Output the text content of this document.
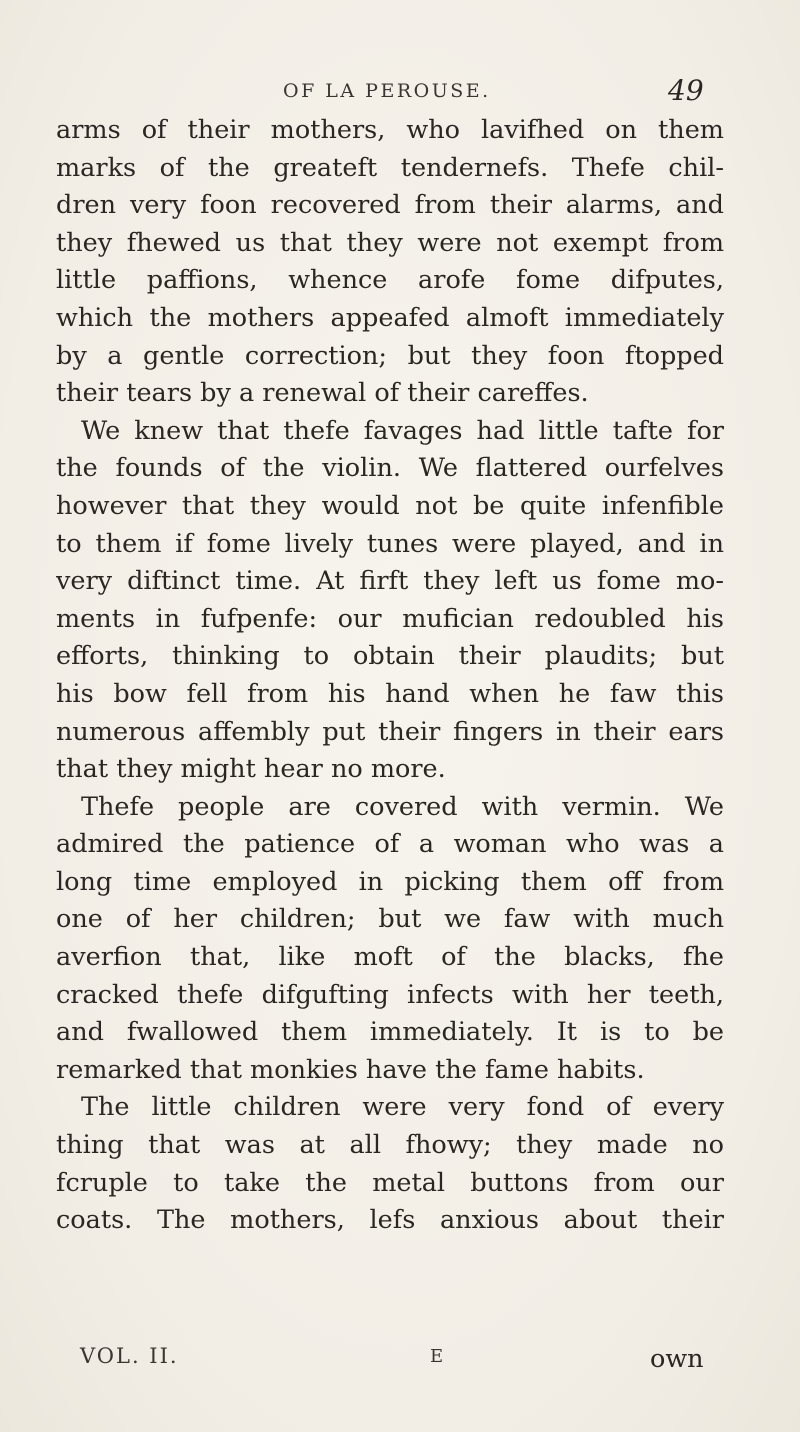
OF LA PEROUSE.	49
arms of their mothers, who lavifhed on them
marks of the greateft tendernefs. Thefe chil-
dren very foon recovered from their alarms, and
they fhewed us that they were not exempt from
little paffions, whence arofe fome difputes,
which the mothers appeafed almoft immediately
by a gentle correction; but they foon ftopped
their tears by a renewal of their careffes.
We knew that thefe favages had little tafte for
the founds of the violin. We flattered ourfelves
however that they would not be quite infenfible
to them if fome lively tunes were played, and in
very diftinct time. At firft they left us fome mo-
ments in fufpenfe: our mufician redoubled his
efforts, thinking to obtain their plaudits; but
his bow fell from his hand when he faw this
numerous affembly put their fingers in their ears
that they might hear no more.
Thefe people are covered with vermin. We
admired the patience of a woman who was a
long time employed in picking them off from
one of her children; but we faw with much
averfion that, like moft of the blacks, fhe
cracked thefe difgufting infects with her teeth,
and fwallowed them immediately. It is to be
remarked that monkies have the fame habits.
The little children were very fond of every
thing that was at all fhowy; they made no
fcruple to take the metal buttons from our
coats. The mothers, lefs anxious about their
VOL. II.	E	own
